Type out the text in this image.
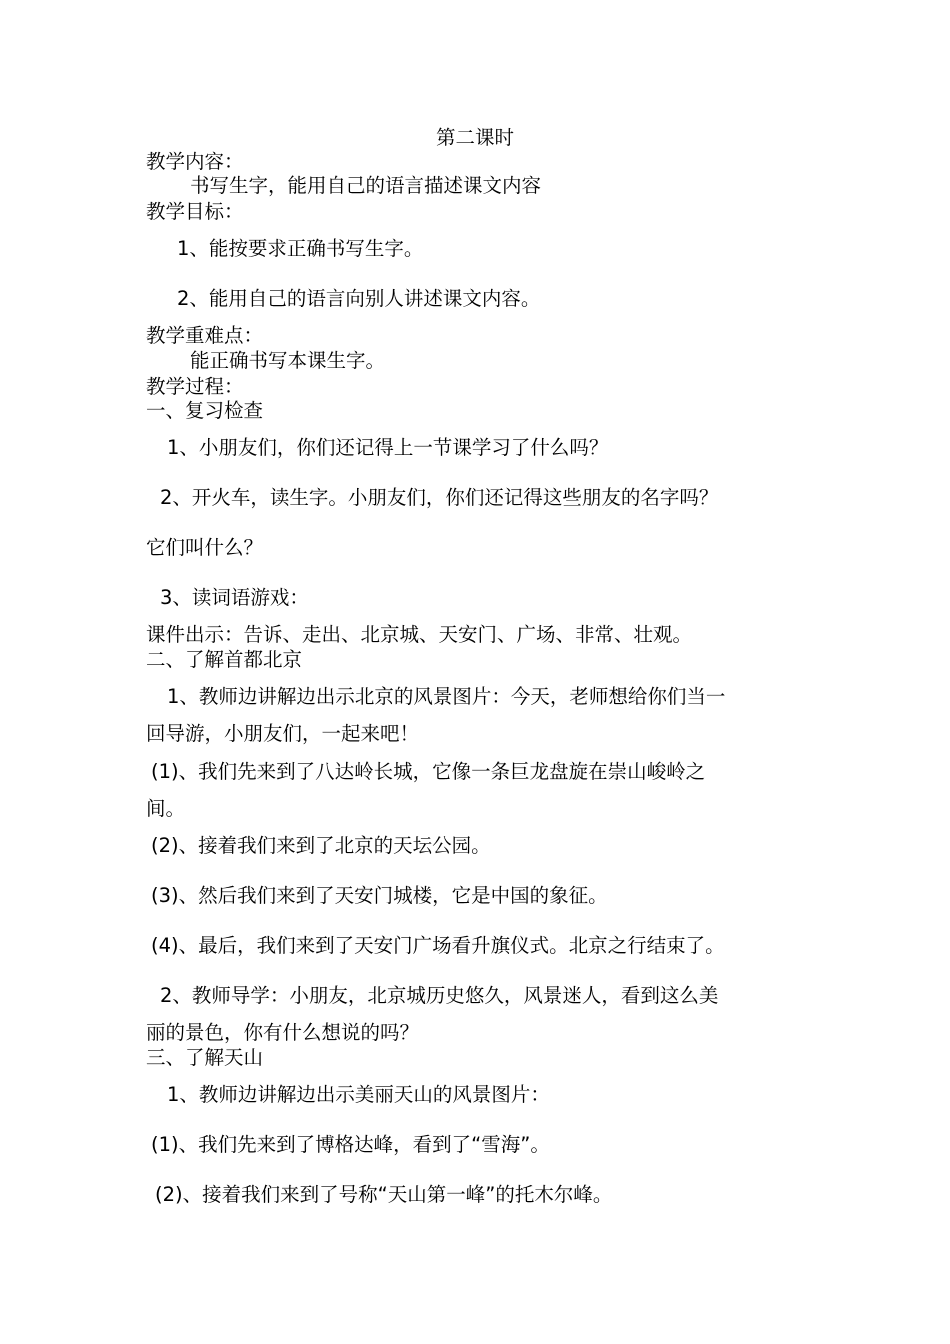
第二课时
教学内容：
书写生字，能用自己的语言描述课文内容
教学目标：
1、能按要求正确书写生字。
2、能用自己的语言向别人讲述课文内容。
教学重难点：
能正确书写本课生字。
教学过程：
一、复习检查
1、小朋友们，你们还记得上一节课学习了什么吗？
2、开火车，读生字。小朋友们，你们还记得这些朋友的名字吗？
它们叫什么？
3、读词语游戏：
课件出示：告诉、走出、北京城、天安门、广场、非常、壮观。
二、了解首都北京
1、教师边讲解边出示北京的风景图片：今天，老师想给你们当一
回导游，小朋友们，一起来吧！
(1)、我们先来到了八达岭长城，它像一条巨龙盘旋在崇山峻岭之
间。
(2)、接着我们来到了北京的天坛公园。
(3)、然后我们来到了天安门城楼，它是中国的象征。
(4)、最后，我们来到了天安门广场看升旗仪式。北京之行结束了。
2、教师导学：小朋友，北京城历史悠久，风景迷人，看到这么美
丽的景色，你有什么想说的吗？
三、了解天山
1、教师边讲解边出示美丽天山的风景图片：
(1)、我们先来到了博格达峰，看到了“雪海”。
(2)、接着我们来到了号称“天山第一峰”的托木尔峰。
